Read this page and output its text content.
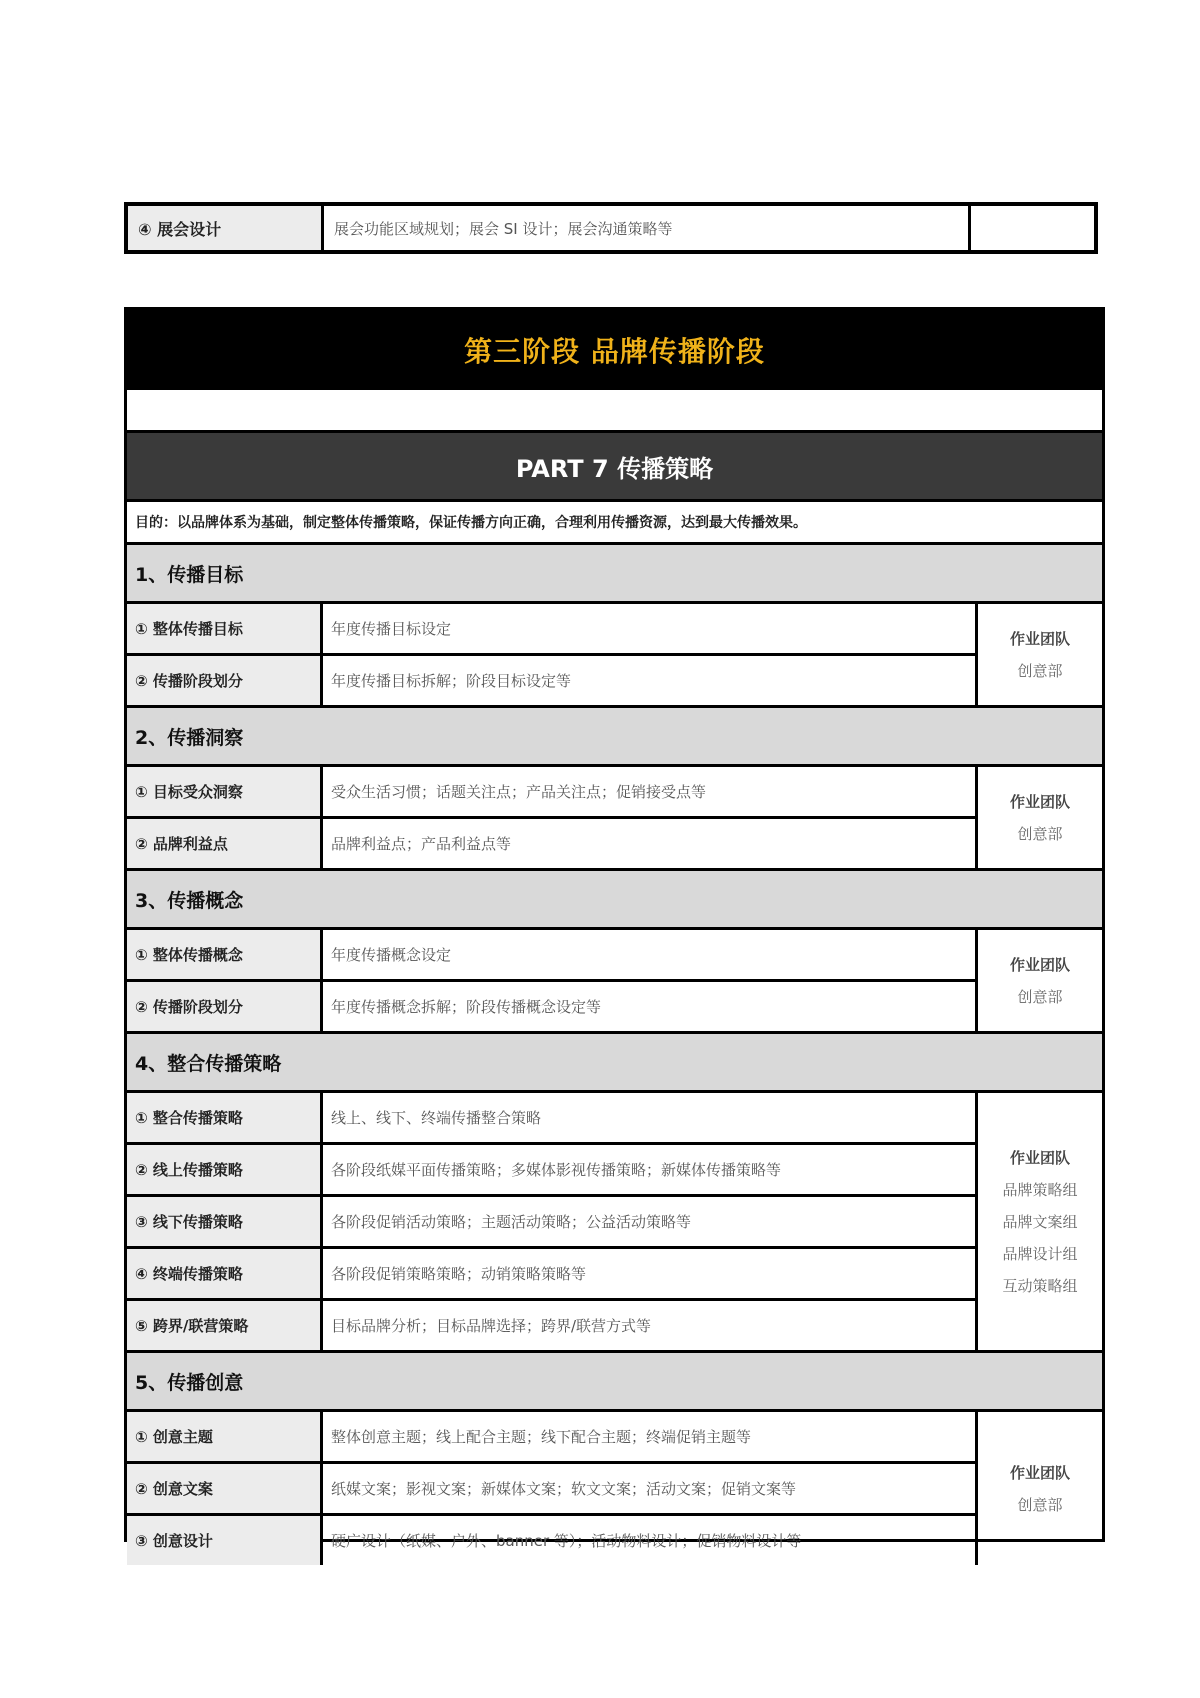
④ 展会设计	展会功能区域规划；展会 SI 设计；展会沟通策略等
第三阶段 品牌传播阶段
PART 7 传播策略
目的：以品牌体系为基础，制定整体传播策略，保证传播方向正确，合理利用传播资源，达到最大传播效果。
1、传播目标
① 整体传播目标	年度传播目标设定
② 传播阶段划分	年度传播目标拆解；阶段目标设定等
作业团队
创意部
2、传播洞察
① 目标受众洞察	受众生活习惯；话题关注点；产品关注点；促销接受点等
② 品牌利益点	品牌利益点；产品利益点等
作业团队
创意部
3、传播概念
① 整体传播概念	年度传播概念设定
② 传播阶段划分	年度传播概念拆解；阶段传播概念设定等
作业团队
创意部
4、整合传播策略
① 整合传播策略	线上、线下、终端传播整合策略
② 线上传播策略	各阶段纸媒平面传播策略；多媒体影视传播策略；新媒体传播策略等
③ 线下传播策略	各阶段促销活动策略；主题活动策略；公益活动策略等
④ 终端传播策略	各阶段促销策略策略；动销策略策略等
⑤ 跨界/联营策略	目标品牌分析；目标品牌选择；跨界/联营方式等
作业团队
品牌策略组
品牌文案组
品牌设计组
互动策略组
5、传播创意
① 创意主题	整体创意主题；线上配合主题；线下配合主题；终端促销主题等
② 创意文案	纸媒文案；影视文案；新媒体文案；软文文案；活动文案；促销文案等
③ 创意设计	硬广设计（纸媒、户外、banner 等）；活动物料设计；促销物料设计等
作业团队
创意部
